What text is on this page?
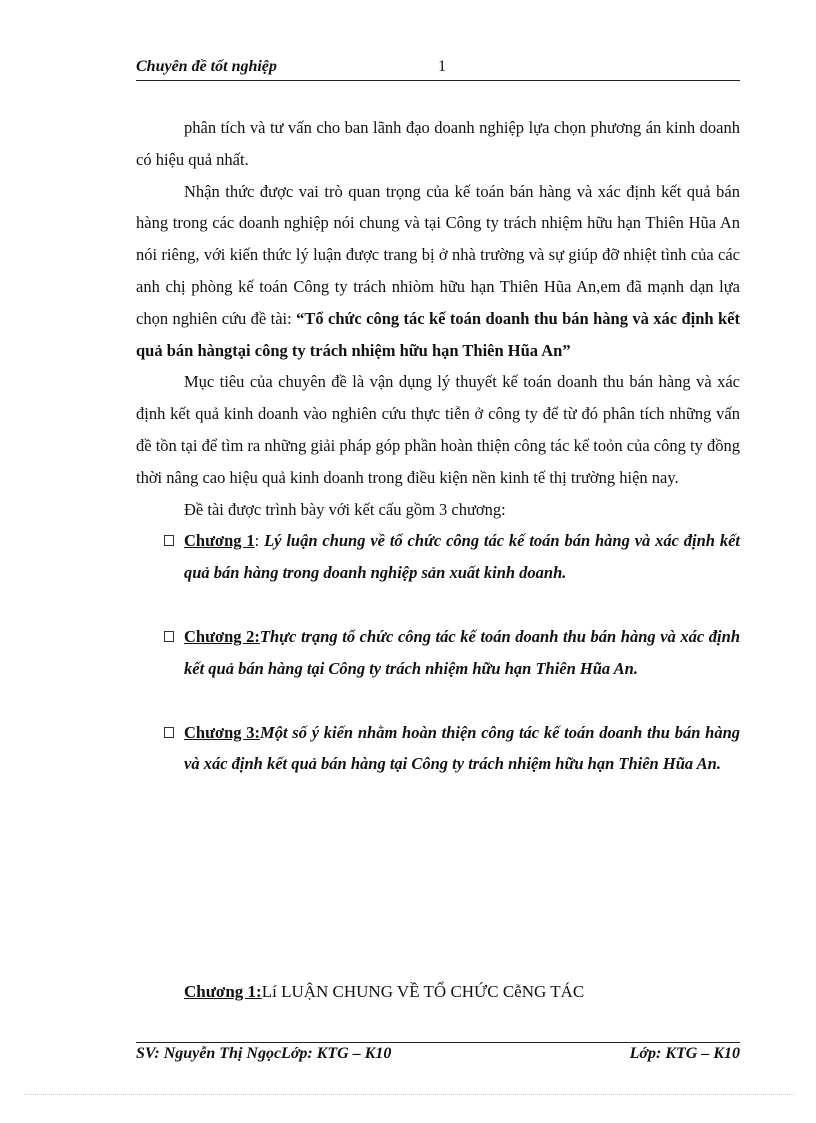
Chuyên đề tốt nghiệp	1

phân tích và tư vấn cho ban lãnh đạo doanh nghiệp lựa chọn phương án kinh doanh có hiệu quả nhất.

Nhận thức được vai trò quan trọng của kế toán bán hàng và xác định kết quả bán hàng trong các doanh nghiệp nói chung và tại Công ty trách nhiệm hữu hạn Thiên Hũa An nói riêng, với kiến thức lý luận được trang bị ở nhà trường và sự giúp đỡ nhiệt tình của các anh chị phòng kế toán Công ty trách nhiòm hữu hạn Thiên Hũa An,em đã mạnh dạn lựa chọn nghiên cứu đề tài: “Tổ chức công tác kế toán doanh thu bán hàng và xác định kết quả bán hàngtại công ty trách nhiệm hữu hạn Thiên Hũa An”

Mục tiêu của chuyên đề là vận dụng lý thuyết kế toán doanh thu bán hàng và xác định kết quả kinh doanh vào nghiên cứu thực tiễn ở công ty để từ đó phân tích những vấn đề tồn tại để tìm ra những giải pháp góp phần hoàn thiện công tác kế toỏn của công ty đồng thời nâng cao hiệu quả kinh doanh trong điều kiện nền kinh tế thị trường hiện nay.

Đề tài được trình bày với kết cấu gồm 3 chương:

Chương 1: Lý luận chung về tổ chức công tác kế toán bán hàng và xác định kết quả bán hàng trong doanh nghiệp sản xuất kinh doanh.

Chương 2:Thực trạng tổ chức công tác kế toán doanh thu bán hàng và xác định kết quả bán hàng tại Công ty trách nhiệm hữu hạn Thiên Hũa An.

Chương 3:Một số ý kiến nhằm hoàn thiện công tác kế toán doanh thu bán hàng và xác định kết quả bán hàng tại Công ty trách nhiệm hữu hạn Thiên Hũa An.

Chương 1:Lí LUẬN CHUNG VỀ TỔ CHỨC CễNG TÁC
SV: Nguyễn Thị NgọcLớp: KTG – K10	Lớp: KTG – K10
